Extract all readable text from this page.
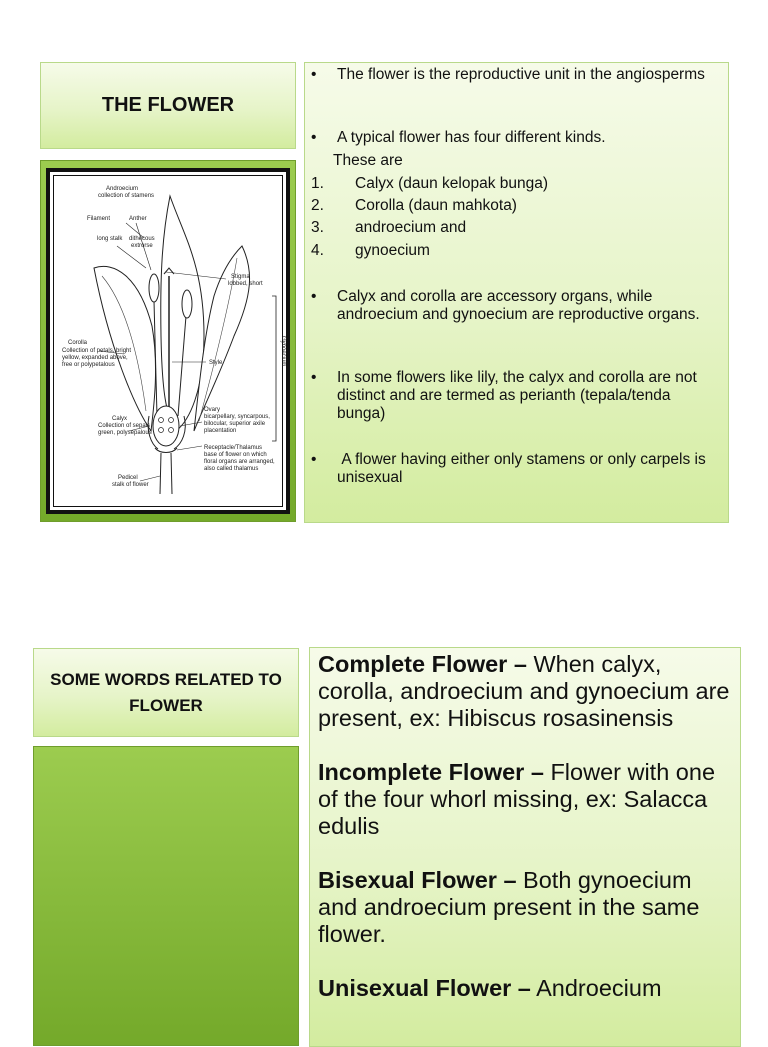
THE FLOWER
Androecium
collection of stamens
Filament	Anther
long stalk dithecous
extrorse
Stigma
lobbed, short
Gynoecium
Style
Corolla
Collection of petals, bright
yellow, expanded above,
free or polypetalous
Ovary
bicarpellary, syncarpous,
bilocular, superior axile
placentation
Calyx
Collection of sepals
green, polysepalous
Receptacle/Thalamus
base of flower on which
floral organs are arranged,
also called thalamus
Pedicel
stalk of flower
•	The flower is the reproductive unit in the angiosperms
•	A typical flower has four different kinds.
These are
1.	Calyx (daun kelopak bunga)
2.	Corolla (daun mahkota)
3.	androecium and
4.	gynoecium
•	Calyx and corolla are accessory organs, while androecium and gynoecium are reproductive organs.
•	In some flowers like lily, the calyx and corolla are not distinct and are termed as perianth (tepala/tenda bunga)
•	A flower having either only stamens or only carpels is unisexual
SOME WORDS RELATED TO FLOWER

Complete Flower – When calyx, corolla, androecium and gynoecium are present, ex: Hibiscus rosasinensis

Incomplete Flower – Flower with one of the four whorl missing, ex: Salacca edulis

Bisexual Flower – Both gynoecium and androecium present in the same flower.

Unisexual Flower – Androecium
